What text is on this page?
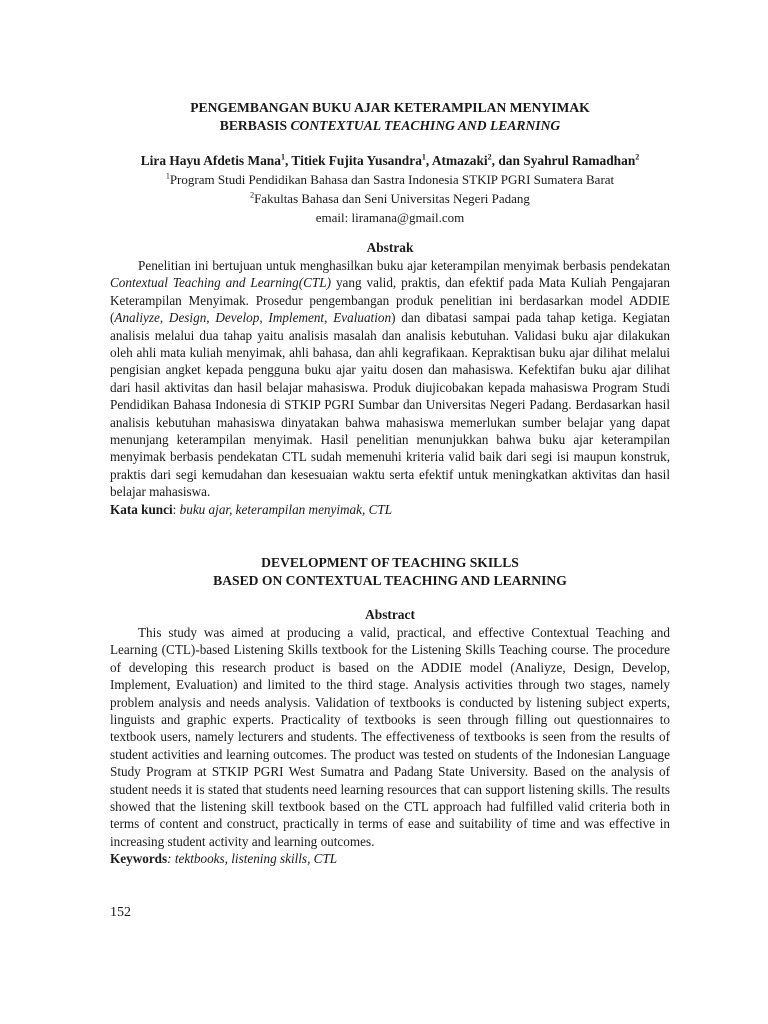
PENGEMBANGAN BUKU AJAR KETERAMPILAN MENYIMAK
BERBASIS CONTEXTUAL TEACHING AND LEARNING
Lira Hayu Afdetis Mana$^1$, Titiek Fujita Yusandra$^1$, Atmazaki$^2$, dan Syahrul Ramadhan$^2$
$^1$Program Studi Pendidikan Bahasa dan Sastra Indonesia STKIP PGRI Sumatera Barat
$^2$Fakultas Bahasa dan Seni Universitas Negeri Padang
email: liramana@gmail.com
Abstrak

Penelitian ini bertujuan untuk menghasilkan buku ajar keterampilan menyimak berbasis pendekatan Contextual Teaching and Learning(CTL) yang valid, praktis, dan efektif pada Mata Kuliah Pengajaran Keterampilan Menyimak. Prosedur pengembangan produk penelitian ini berdasarkan model ADDIE (Analiyze, Design, Develop, Implement, Evaluation) dan dibatasi sampai pada tahap ketiga. Kegiatan analisis melalui dua tahap yaitu analisis masalah dan analisis kebutuhan. Validasi buku ajar dilakukan oleh ahli mata kuliah menyimak, ahli bahasa, dan ahli kegrafikaan. Kepraktisan buku ajar dilihat melalui pengisian angket kepada pengguna buku ajar yaitu dosen dan mahasiswa. Kefektifan buku ajar dilihat dari hasil aktivitas dan hasil belajar mahasiswa. Produk diujicobakan kepada mahasiswa Program Studi Pendidikan Bahasa Indonesia di STKIP PGRI Sumbar dan Universitas Negeri Padang. Berdasarkan hasil analisis kebutuhan mahasiswa dinyatakan bahwa mahasiswa memerlukan sumber belajar yang dapat menunjang keterampilan menyimak. Hasil penelitian menunjukkan bahwa buku ajar keterampilan menyimak berbasis pendekatan CTL sudah memenuhi kriteria valid baik dari segi isi maupun konstruk, praktis dari segi kemudahan dan kesesuaian waktu serta efektif untuk meningkatkan aktivitas dan hasil belajar mahasiswa.

Kata kunci: buku ajar, keterampilan menyimak, CTL

DEVELOPMENT OF TEACHING SKILLS
BASED ON CONTEXTUAL TEACHING AND LEARNING
Abstract

This study was aimed at producing a valid, practical, and effective Contextual Teaching and Learning (CTL)-based Listening Skills textbook for the Listening Skills Teaching course. The procedure of developing this research product is based on the ADDIE model (Analiyze, Design, Develop, Implement, Evaluation) and limited to the third stage. Analysis activities through two stages, namely problem analysis and needs analysis. Validation of textbooks is conducted by listening subject experts, linguists and graphic experts. Practicality of textbooks is seen through filling out questionnaires to textbook users, namely lecturers and students. The effectiveness of textbooks is seen from the results of student activities and learning outcomes. The product was tested on students of the Indonesian Language Study Program at STKIP PGRI West Sumatra and Padang State University. Based on the analysis of student needs it is stated that students need learning resources that can support listening skills. The results showed that the listening skill textbook based on the CTL approach had fulfilled valid criteria both in terms of content and construct, practically in terms of ease and suitability of time and was effective in increasing student activity and learning outcomes.

Keywords: tektbooks, listening skills, CTL

152
